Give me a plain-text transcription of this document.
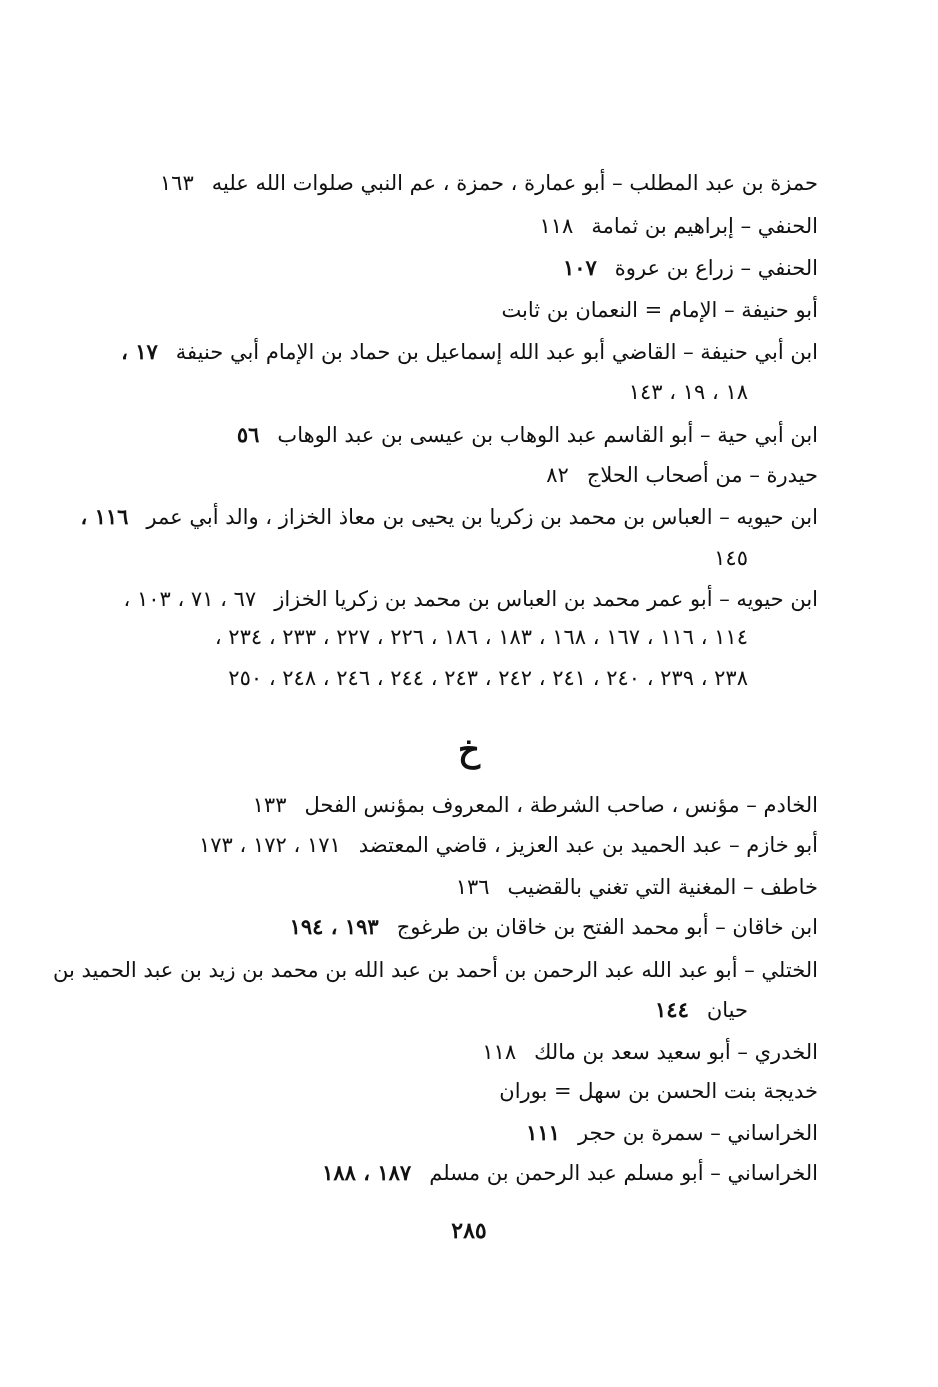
حمزة بن عبد المطلب – أبو عمارة ، حمزة ، عم النبي صلوات الله عليه١٦٣
الحنفي – إبراهيم بن ثمامة١١٨
الحنفي – زراع بن عروة١٠٧
أبو حنيفة – الإمام = النعمان بن ثابت
ابن أبي حنيفة – القاضي أبو عبد الله إسماعيل بن حماد بن الإمام أبي حنيفة١٧ ،
١٨ ، ١٩ ، ١٤٣
ابن أبي حية – أبو القاسم عبد الوهاب بن عيسى بن عبد الوهاب٥٦
حيدرة – من أصحاب الحلاج٨٢
ابن حيويه – العباس بن محمد بن زكريا بن يحيى بن معاذ الخزاز ، والد أبي عمر١١٦ ،
١٤٥
ابن حيويه – أبو عمر محمد بن العباس بن محمد بن زكريا الخزاز٦٧ ، ٧١ ، ١٠٣ ،
١١٤ ، ١١٦ ، ١٦٧ ، ١٦٨ ، ١٨٣ ، ١٨٦ ، ٢٢٦ ، ٢٢٧ ، ٢٣٣ ، ٢٣٤ ،
٢٣٨ ، ٢٣٩ ، ٢٤٠ ، ٢٤١ ، ٢٤٢ ، ٢٤٣ ، ٢٤٤ ، ٢٤٦ ، ٢٤٨ ، ٢٥٠
خ
الخادم – مؤنس ، صاحب الشرطة ، المعروف بمؤنس الفحل١٣٣
أبو خازم – عبد الحميد بن عبد العزيز ، قاضي المعتضد١٧١ ، ١٧٢ ، ١٧٣
خاطف – المغنية التي تغني بالقضيب١٣٦
ابن خاقان – أبو محمد الفتح بن خاقان بن طرغوج١٩٣ ، ١٩٤
الختلي – أبو عبد الله عبد الرحمن بن أحمد بن عبد الله بن محمد بن زيد بن عبد الحميد بن
حيان١٤٤
الخدري – أبو سعيد سعد بن مالك١١٨
خديجة بنت الحسن بن سهل = بوران
الخراساني – سمرة بن حجر١١١
الخراساني – أبو مسلم عبد الرحمن بن مسلم١٨٧ ، ١٨٨
٢٨٥
